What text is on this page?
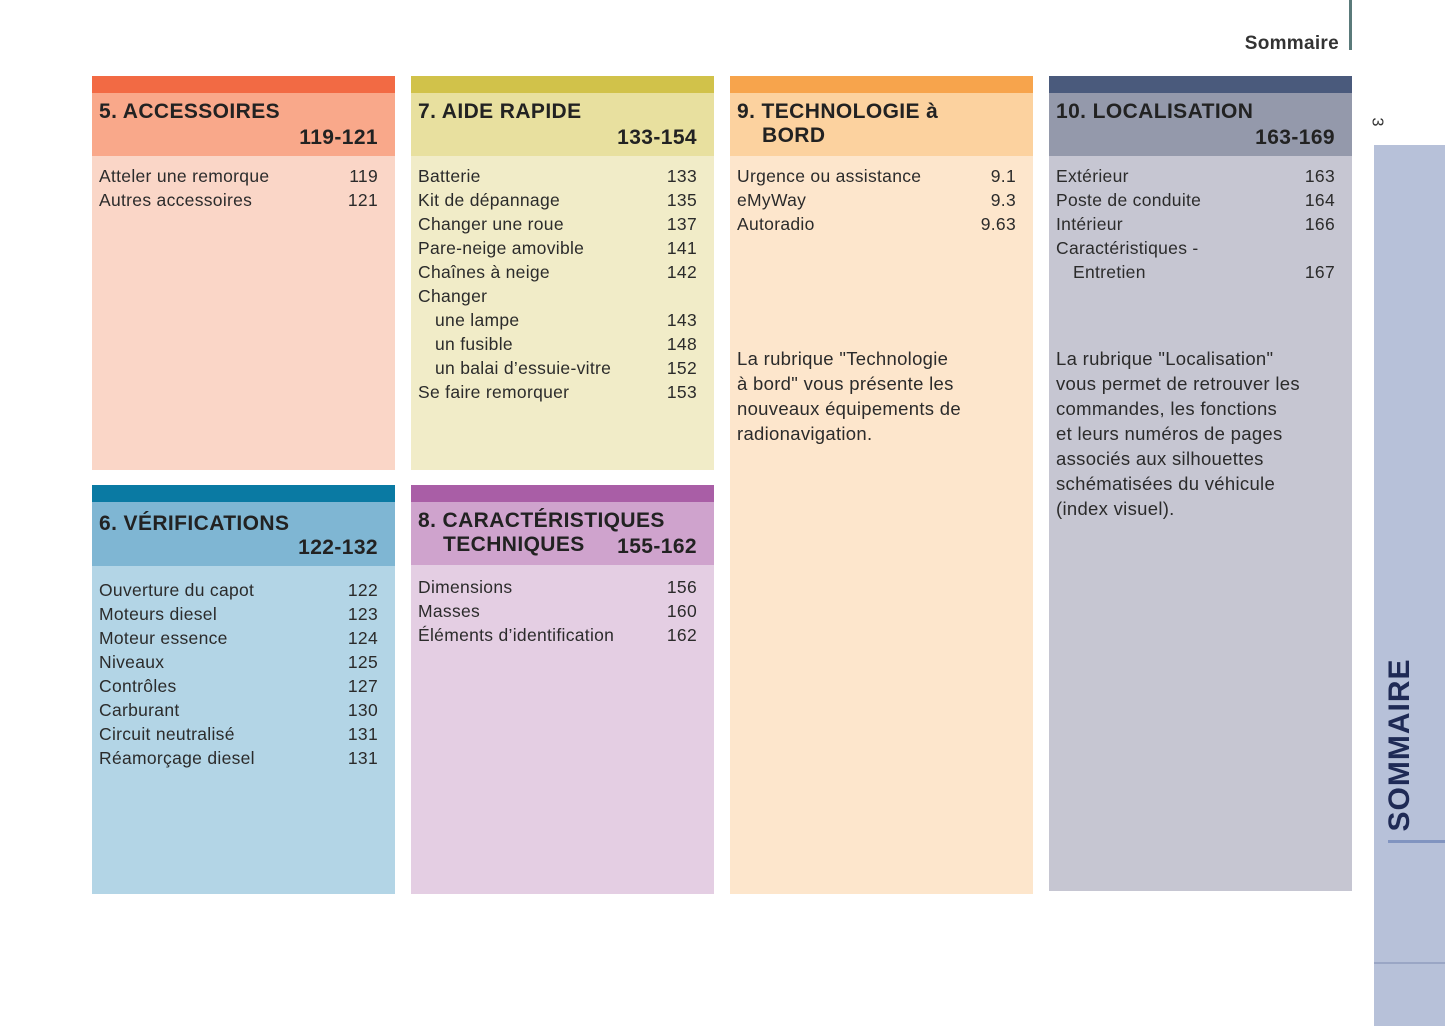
Sommaire
3
SOMMAIRE
5. ACCESSOIRES
119-121
Atteler une remorque	119
Autres accessoires	121
6. VÉRIFICATIONS
122-132
Ouverture du capot	122
Moteurs diesel	123
Moteur essence	124
Niveaux	125
Contrôles	127
Carburant	130
Circuit neutralisé	131
Réamorçage diesel	131
7. AIDE RAPIDE
133-154
Batterie	133
Kit de dépannage	135
Changer une roue	137
Pare-neige amovible	141
Chaînes à neige	142
Changer
une lampe	143
un fusible	148
un balai d’essuie-vitre	152
Se faire remorquer	153
8. CARACTÉRISTIQUES
TECHNIQUES	155-162
Dimensions	156
Masses	160
Éléments d’identification	162
9. TECHNOLOGIE à
BORD
Urgence ou assistance	9.1
eMyWay	9.3
Autoradio	9.63
La rubrique "Technologie
à bord" vous présente les
nouveaux équipements de
radionavigation.
10. LOCALISATION
163-169
Extérieur	163
Poste de conduite	164
Intérieur	166
Caractéristiques -
Entretien	167
La rubrique "Localisation"
vous permet de retrouver les
commandes, les fonctions
et leurs numéros de pages
associés aux silhouettes
schématisées du véhicule
(index visuel).
